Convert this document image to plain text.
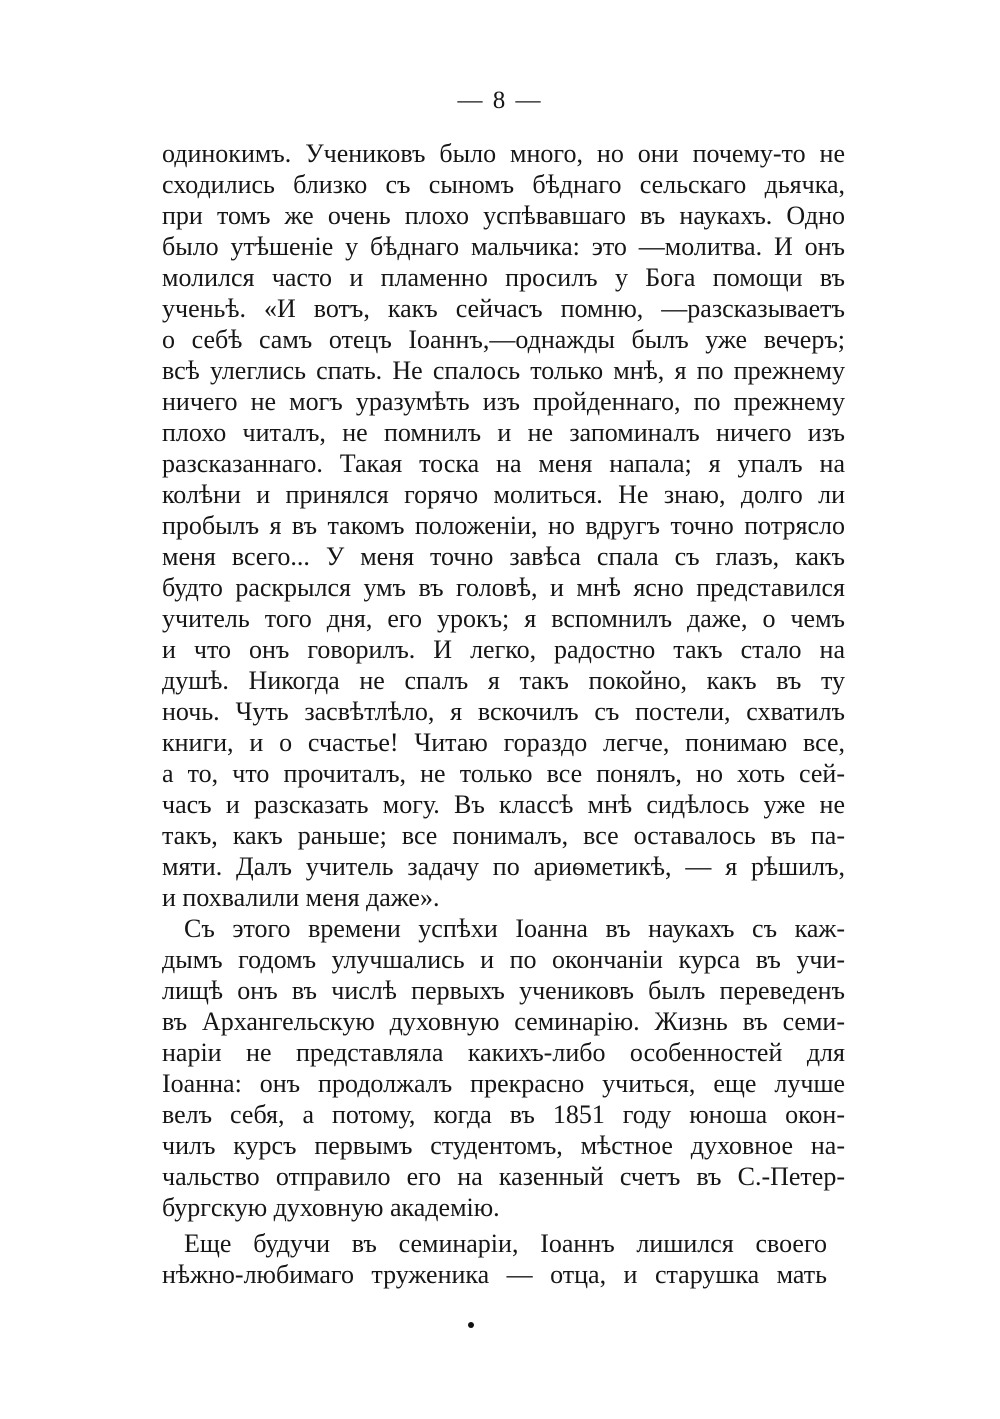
— 8 —
одинокимъ. Учениковъ было много, но они почему-то не
сходились близко съ сыномъ бѣднаго сельскаго дьячка,
при томъ же очень плохо успѣвавшаго въ наукахъ. Одно
было утѣшеніе у бѣднаго мальчика: это —молитва. И онъ
молился часто и пламенно просилъ у Бога помощи въ
ученьѣ. «И вотъ, какъ сейчасъ помню, —разсказываетъ
о себѣ самъ отецъ Іоаннъ,—однажды былъ уже вечеръ;
всѣ улеглись спать. Не спалось только мнѣ, я по прежнему
ничего не могъ уразумѣть изъ пройденнаго, по прежнему
плохо читалъ, не помнилъ и не запоминалъ ничего изъ
разсказаннаго. Такая тоска на меня напала; я упалъ на
колѣни и принялся горячо молиться. Не знаю, долго ли
пробылъ я въ такомъ положеніи, но вдругъ точно потрясло
меня всего... У меня точно завѣса спала съ глазъ, какъ
будто раскрылся умъ въ головѣ, и мнѣ ясно представился
учитель того дня, его урокъ; я вспомнилъ даже, о чемъ
и что онъ говорилъ. И легко, радостно такъ стало на
душѣ. Никогда не спалъ я такъ покойно, какъ въ ту
ночь. Чуть засвѣтлѣло, я вскочилъ съ постели, схватилъ
книги, и о счастье! Читаю гораздо легче, понимаю все,
а то, что прочиталъ, не только все понялъ, но хоть сей-
часъ и разсказать могу. Въ классѣ мнѣ сидѣлось уже не
такъ, какъ раньше; все понималъ, все оставалось въ па-
мяти. Далъ учитель задачу по ариѳметикѣ, — я рѣшилъ,
и похвалили меня даже».
Съ этого времени успѣхи Іоанна въ наукахъ съ каж-
дымъ годомъ улучшались и по окончаніи курса въ учи-
лищѣ онъ въ числѣ первыхъ учениковъ былъ переведенъ
въ Архангельскую духовную семинарію. Жизнь въ семи-
наріи не представляла какихъ-либо особенностей для
Іоанна: онъ продолжалъ прекрасно учиться, еще лучше
велъ себя, а потому, когда въ 1851 году юноша окон-
чилъ курсъ первымъ студентомъ, мѣстное духовное на-
чальство отправило его на казенный счетъ въ С.-Петер-
бургскую духовную академію.
Еще будучи въ семинаріи, Іоаннъ лишился своего
нѣжно-любимаго труженика — отца, и старушка мать
